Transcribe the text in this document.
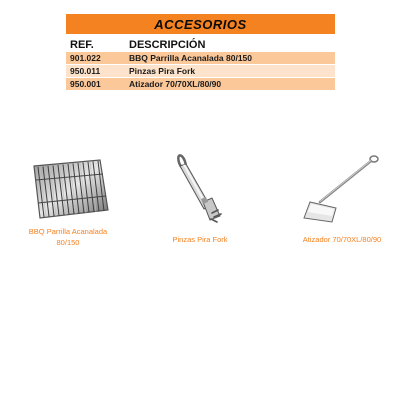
ACCESORIOS
REF.	DESCRIPCIÓN
901.022	BBQ Parrilla Acanalada 80/150
950.011	Pinzas Pira Fork
950.001	Atizador 70/70XL/80/90
BBQ Parrilla Acanalada
80/150	Pinzas Pira Fork	Atizador 70/70XL/80/90
